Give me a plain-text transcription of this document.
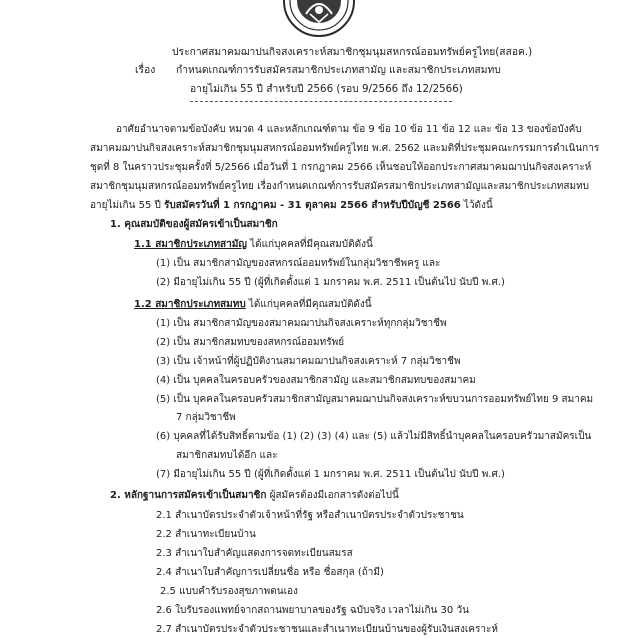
ประกาศสมาคมฌาปนกิจสงเคราะห์สมาชิกชุมนุมสหกรณ์ออมทรัพย์ครูไทย(สสอค.)
เรื่อง กำหนดเกณฑ์การรับสมัครสมาชิกประเภทสามัญ และสมาชิกประเภทสมทบ
อายุไม่เกิน 55 ปี สำหรับปี 2566 (รอบ 9/2566 ถึง 12/2566)
อาศัยอำนาจตามข้อบังคับ หมวด 4 และหลักเกณฑ์ตาม ข้อ 9 ข้อ 10 ข้อ 11 ข้อ 12 และ ข้อ 13 ของข้อบังคับ
สมาคมฌาปนกิจสงเคราะห์สมาชิกชุมนุมสหกรณ์ออมทรัพย์ครูไทย พ.ศ. 2562 และมติที่ประชุมคณะกรรมการดำเนินการ
ชุดที่ 8 ในคราวประชุมครั้งที่ 5/2566 เมื่อวันที่ 1 กรกฎาคม 2566 เห็นชอบให้ออกประกาศสมาคมฌาปนกิจสงเคราะห์
สมาชิกชุมนุมสหกรณ์ออมทรัพย์ครูไทย เรื่องกำหนดเกณฑ์การรับสมัครสมาชิกประเภทสามัญและสมาชิกประเภทสมทบ
อายุไม่เกิน 55 ปี รับสมัครวันที่ 1 กรกฎาคม - 31 ตุลาคม 2566 สำหรับปีบัญชี 2566 ไว้ดังนี้
1. คุณสมบัติของผู้สมัครเข้าเป็นสมาชิก
1.1 สมาชิกประเภทสามัญ ได้แก่บุคคลที่มีคุณสมบัติดังนี้
(1) เป็น สมาชิกสามัญของสหกรณ์ออมทรัพย์ในกลุ่มวิชาชีพครู และ
(2) มีอายุไม่เกิน 55 ปี (ผู้ที่เกิดตั้งแต่ 1 มกราคม พ.ศ. 2511 เป็นต้นไป นับปี พ.ศ.)
1.2 สมาชิกประเภทสมทบ ได้แก่บุคคลที่มีคุณสมบัติดังนี้
(1) เป็น สมาชิกสามัญของสมาคมฌาปนกิจสงเคราะห์ทุกกลุ่มวิชาชีพ
(2) เป็น สมาชิกสมทบของสหกรณ์ออมทรัพย์
(3) เป็น เจ้าหน้าที่ผู้ปฏิบัติงานสมาคมฌาปนกิจสงเคราะห์ 7 กลุ่มวิชาชีพ
(4) เป็น บุคคลในครอบครัวของสมาชิกสามัญ และสมาชิกสมทบของสมาคม
(5) เป็น บุคคลในครอบครัวสมาชิกสามัญสมาคมฌาปนกิจสงเคราะห์ขบวนการออมทรัพย์ไทย 9 สมาคม
7 กลุ่มวิชาชีพ
(6) บุคคลที่ได้รับสิทธิ์ตามข้อ (1) (2) (3) (4) และ (5) แล้วไม่มีสิทธิ์นำบุคคลในครอบครัวมาสมัครเป็น
สมาชิกสมทบได้อีก และ
(7) มีอายุไม่เกิน 55 ปี (ผู้ที่เกิดตั้งแต่ 1 มกราคม พ.ศ. 2511 เป็นต้นไป นับปี พ.ศ.)
2. หลักฐานการสมัครเข้าเป็นสมาชิก ผู้สมัครต้องมีเอกสารดังต่อไปนี้
2.1 สำเนาบัตรประจำตัวเจ้าหน้าที่รัฐ หรือสำเนาบัตรประจำตัวประชาชน
2.2 สำเนาทะเบียนบ้าน
2.3 สำเนาใบสำคัญแสดงการจดทะเบียนสมรส
2.4 สำเนาใบสำคัญการเปลี่ยนชื่อ หรือ ชื่อสกุล (ถ้ามี)
2.5 แบบคำรับรองสุขภาพตนเอง
2.6 ใบรับรองแพทย์จากสถานพยาบาลของรัฐ ฉบับจริง เวลาไม่เกิน 30 วัน
2.7 สำเนาบัตรประจำตัวประชาชนและสำเนาทะเบียนบ้านของผู้รับเงินสงเคราะห์
